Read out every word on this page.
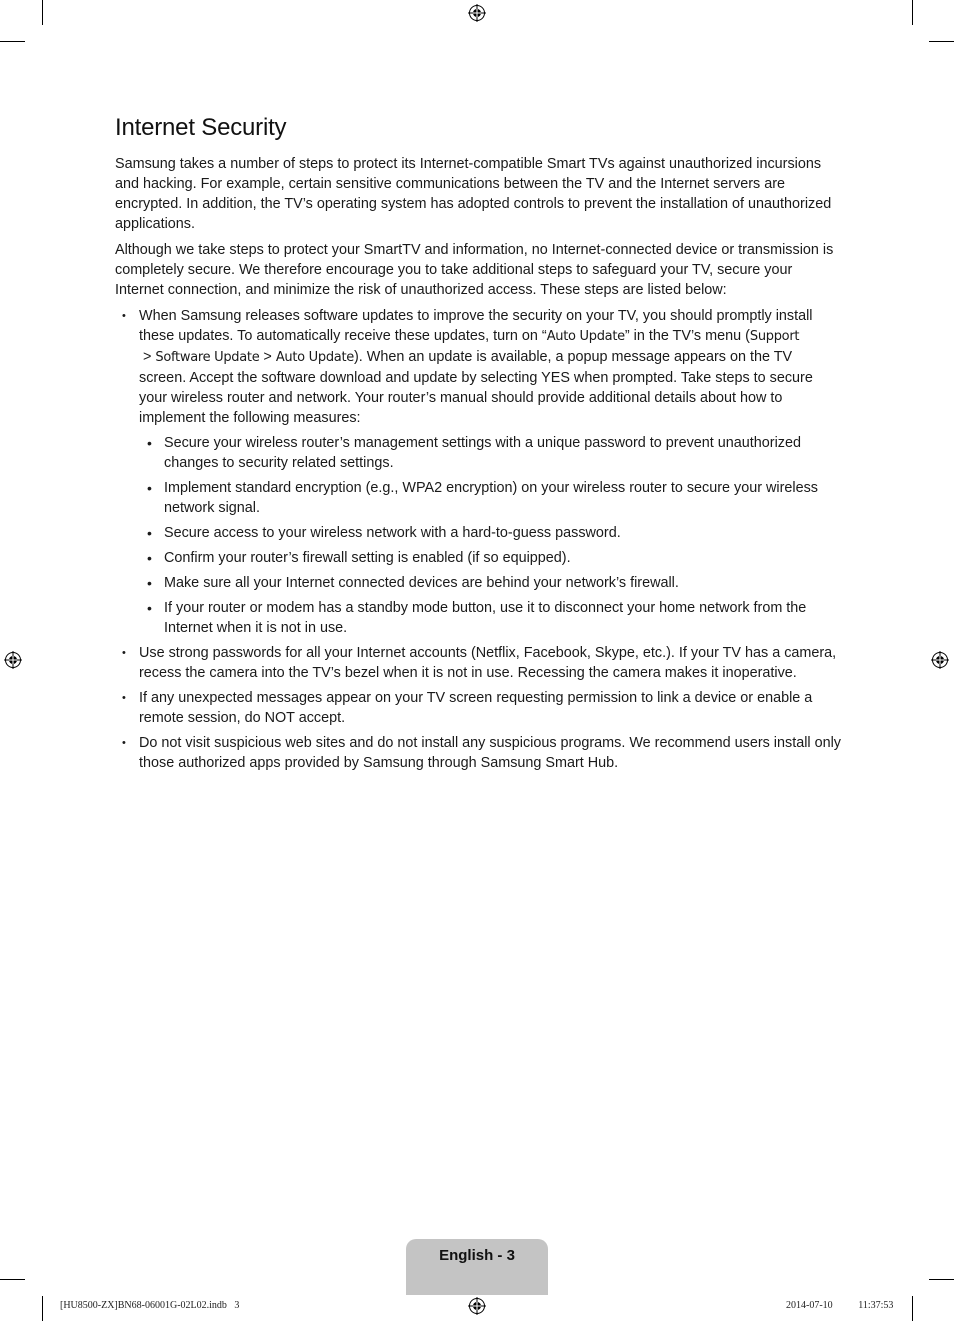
Internet Security

Samsung takes a number of steps to protect its Internet-compatible Smart TVs against unauthorized incursions and hacking. For example, certain sensitive communications between the TV and the Internet servers are encrypted. In addition, the TV’s operating system has adopted controls to prevent the installation of unauthorized applications.

Although we take steps to protect your SmartTV and information, no Internet-connected device or transmission is completely secure. We therefore encourage you to take additional steps to safeguard your TV, secure your Internet connection, and minimize the risk of unauthorized access. These steps are listed below:

• When Samsung releases software updates to improve the security on your TV, you should promptly install these updates. To automatically receive these updates, turn on “Auto Update” in the TV’s menu (Support
> Software Update > Auto Update). When an update is available, a popup message appears on the TV screen. Accept the software download and update by selecting YES when prompted. Take steps to secure your wireless router and network. Your router’s manual should provide additional details about how to implement the following measures:
• Secure your wireless router’s management settings with a unique password to prevent unauthorized changes to security related settings.
• Implement standard encryption (e.g., WPA2 encryption) on your wireless router to secure your wireless network signal.
• Secure access to your wireless network with a hard-to-guess password.
• Confirm your router’s firewall setting is enabled (if so equipped).
• Make sure all your Internet connected devices are behind your network’s firewall.
• If your router or modem has a standby mode button, use it to disconnect your home network from the Internet when it is not in use.
• Use strong passwords for all your Internet accounts (Netflix, Facebook, Skype, etc.). If your TV has a camera, recess the camera into the TV’s bezel when it is not in use. Recessing the camera makes it inoperative.
• If any unexpected messages appear on your TV screen requesting permission to link a device or enable a remote session, do NOT accept.
• Do not visit suspicious web sites and do not install any suspicious programs. We recommend users install only those authorized apps provided by Samsung through Samsung Smart Hub.
English - 3
[HU8500-ZX]BN68-06001G-02L02.indb   3	2014-07-10   ￿￿ 11:37:53
